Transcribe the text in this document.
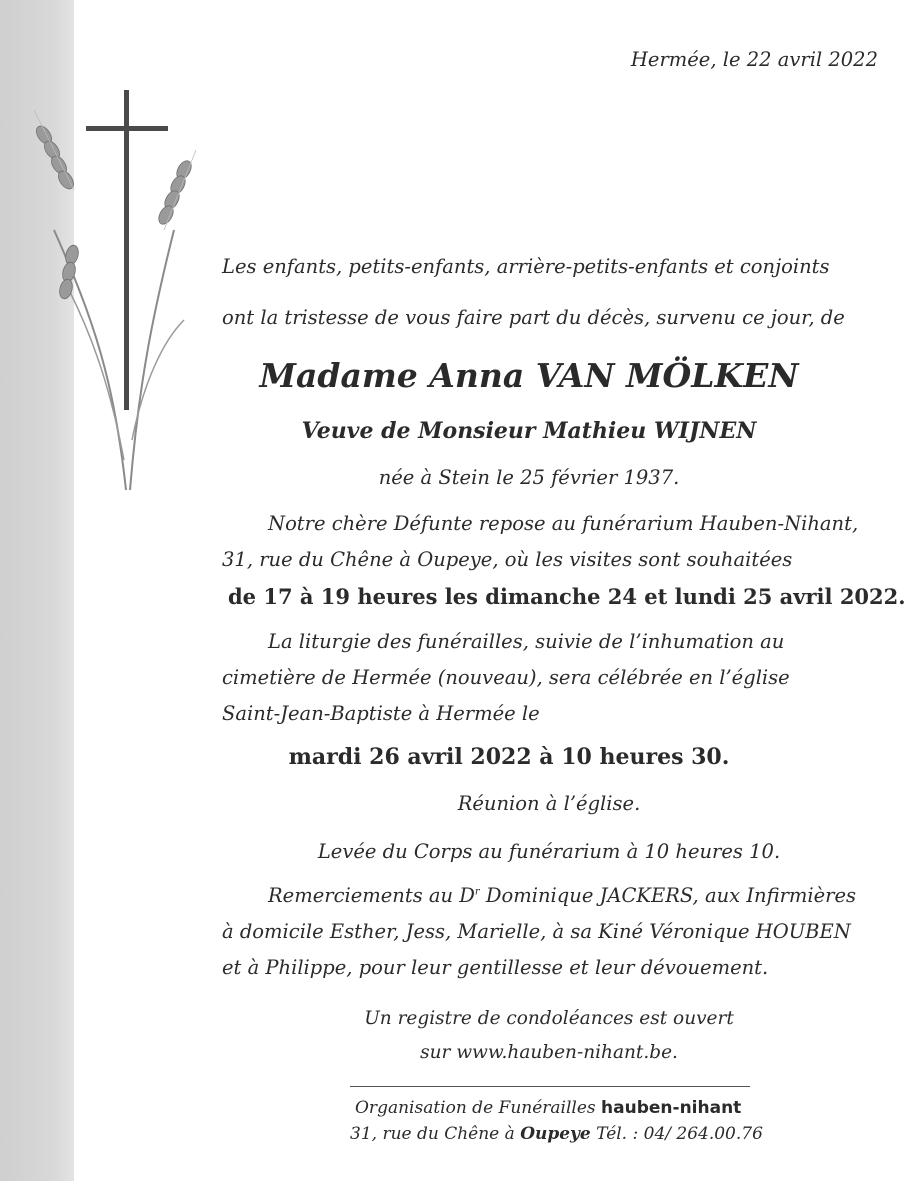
Hermée, le 22 avril 2022
Les enfants, petits-enfants, arrière-petits-enfants et conjoints
ont la tristesse de vous faire part du décès, survenu ce jour, de
Madame Anna VAN MÖLKEN
Veuve de Monsieur Mathieu WIJNEN
née à Stein le 25 février 1937.
Notre chère Défunte repose au funérarium Hauben-Nihant,
31, rue du Chêne à Oupeye, où les visites sont souhaitées
de 17 à 19 heures les dimanche 24 et lundi 25 avril 2022.
La liturgie des funérailles, suivie de l’inhumation au
cimetière de Hermée (nouveau), sera célébrée en l’église
Saint-Jean-Baptiste à Hermée le
mardi 26 avril 2022 à 10 heures 30.
Réunion à l’église.
Levée du Corps au funérarium à 10 heures 10.
Remerciements au $D^r$ Dominique JACKERS, aux Infirmières
à domicile Esther, Jess, Marielle, à sa Kiné Véronique HOUBEN
et à Philippe, pour leur gentillesse et leur dévouement.
Un registre de condoléances est ouvert
sur www.hauben-nihant.be.
Organisation de Funérailles hauben-nihant
31, rue du Chêne à Oupeye Tél. : 04/ 264.00.76
